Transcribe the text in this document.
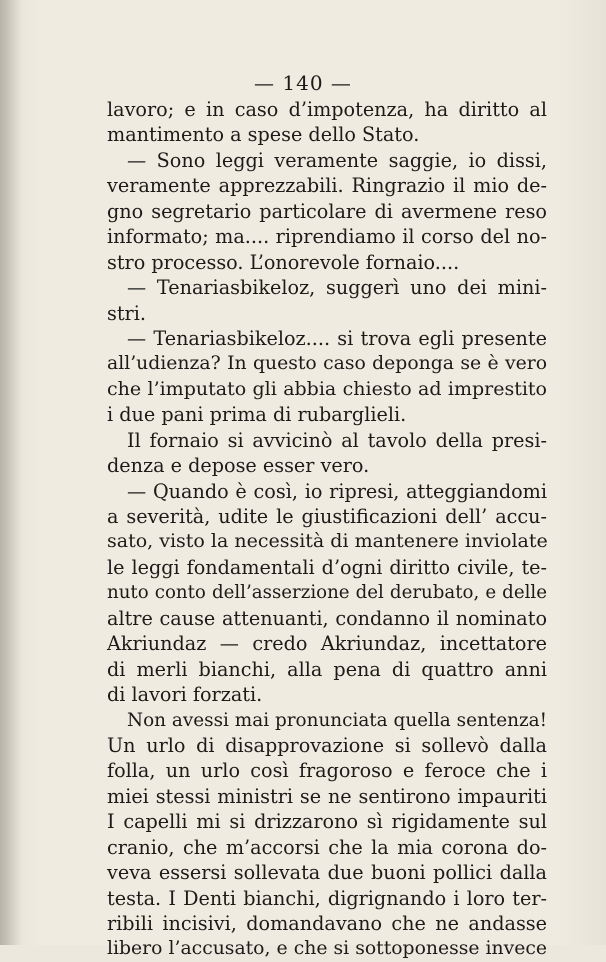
— 140 —
lavoro; e in caso d’impotenza, ha diritto al
mantimento a spese dello Stato.
— Sono leggi veramente saggie, io dissi,
veramente apprezzabili. Ringrazio il mio de-
gno segretario particolare di avermene reso
informato; ma.... riprendiamo il corso del no-
stro processo. L’onorevole fornaio....
— Tenariasbikeloz, suggerì uno dei mini-
stri.
— Tenariasbikeloz.... si trova egli presente
all’udienza? In questo caso deponga se è vero
che l’imputato gli abbia chiesto ad imprestito
i due pani prima di rubarglieli.
Il fornaio si avvicinò al tavolo della presi-
denza e depose esser vero.
— Quando è così, io ripresi, atteggiandomi
a severità, udite le giustificazioni dell’ accu-
sato, visto la necessità di mantenere inviolate
le leggi fondamentali d’ogni diritto civile, te-
nuto conto dell’asserzione del derubato, e delle
altre cause attenuanti, condanno il nominato
Akriundaz — credo Akriundaz, incettatore
di merli bianchi, alla pena di quattro anni
di lavori forzati.
Non avessi mai pronunciata quella sentenza!
Un urlo di disapprovazione si sollevò dalla
folla, un urlo così fragoroso e feroce che i
miei stessi ministri se ne sentirono impauriti
I capelli mi si drizzarono sì rigidamente sul
cranio, che m’accorsi che la mia corona do-
veva essersi sollevata due buoni pollici dalla
testa. I Denti bianchi, digrignando i loro ter-
ribili incisivi, domandavano che ne andasse
libero l’accusato, e che si sottoponesse invece
